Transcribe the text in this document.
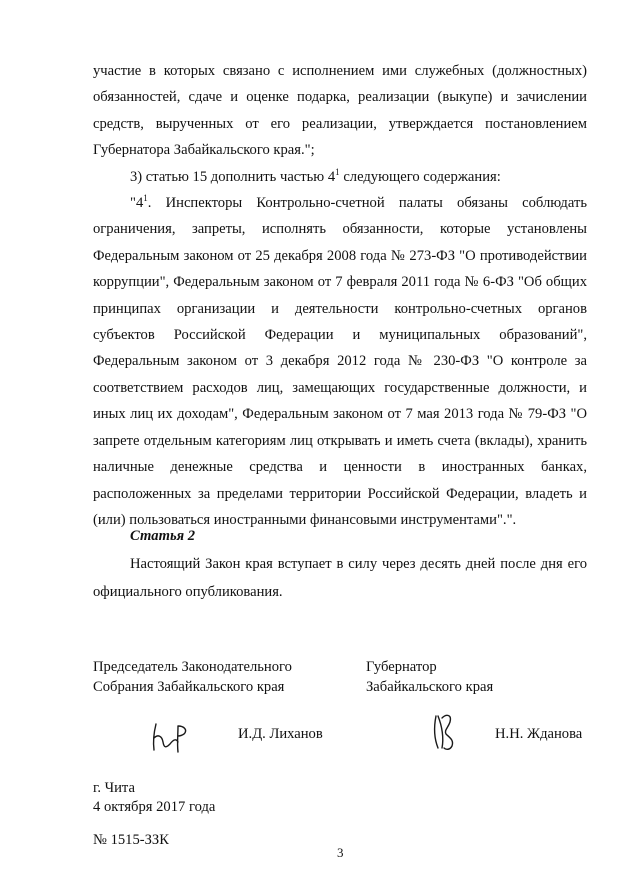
участие в которых связано с исполнением ими служебных (должностных) обязанностей, сдаче и оценке подарка, реализации (выкупе) и зачислении средств, вырученных от его реализации, утверждается постановлением Губернатора Забайкальского края.";

3) статью 15 дополнить частью $4^1$ следующего содержания:

"$4^1$. Инспекторы Контрольно-счетной палаты обязаны соблюдать ограничения, запреты, исполнять обязанности, которые установлены Федеральным законом от 25 декабря 2008 года № 273-ФЗ "О противодействии коррупции", Федеральным законом от 7 февраля 2011 года № 6-ФЗ "Об общих принципах организации и деятельности контрольно-счетных органов субъектов Российской Федерации и муниципальных образований", Федеральным законом от 3 декабря 2012 года № 230-ФЗ "О контроле за соответствием расходов лиц, замещающих государственные должности, и иных лиц их доходам", Федеральным законом от 7 мая 2013 года № 79-ФЗ "О запрете отдельным категориям лиц открывать и иметь счета (вклады), хранить наличные денежные средства и ценности в иностранных банках, расположенных за пределами территории Российской Федерации, владеть и (или) пользоваться иностранными финансовыми инструментами".".

Статья 2

Настоящий Закон края вступает в силу через десять дней после дня его официального опубликования.

Председатель Законодательного
Собрания Забайкальского края
Губернатор
Забайкальского края
И.Д. Лиханов	Н.Н. Жданова
г. Чита
4 октября 2017 года
№ 1515-ЗЗК
3
